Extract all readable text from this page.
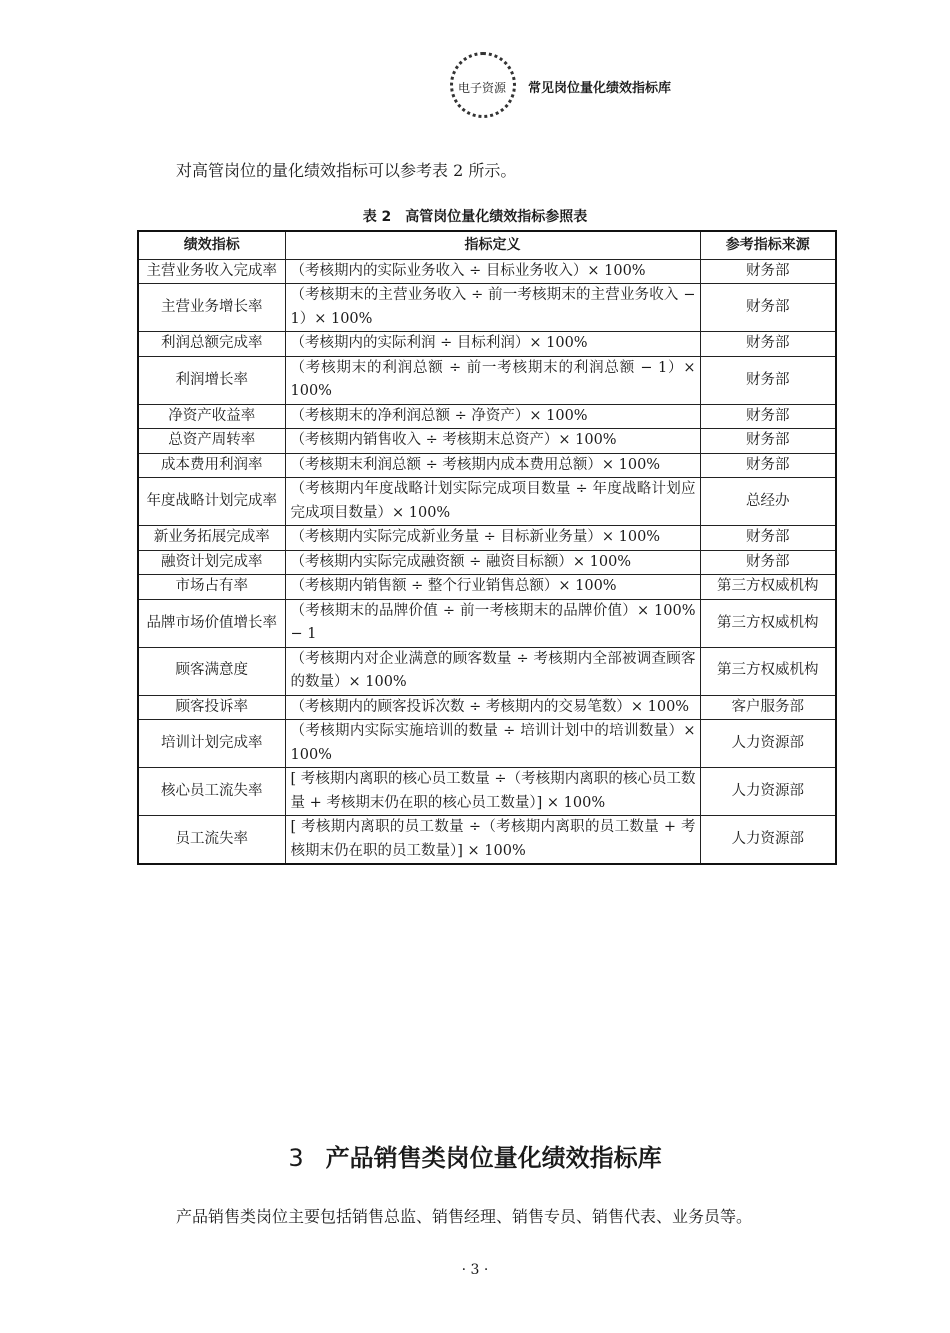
电子资源 常见岗位量化绩效指标库
对高管岗位的量化绩效指标可以参考表 2 所示。
表 2　高管岗位量化绩效指标参照表
绩效指标	指标定义	参考指标来源
主营业务收入完成率	（考核期内的实际业务收入 ÷ 目标业务收入）× 100%	财务部
主营业务增长率	（考核期末的主营业务收入 ÷ 前一考核期末的主营业务收入 − 1）× 100%	财务部
利润总额完成率	（考核期内的实际利润 ÷ 目标利润）× 100%	财务部
利润增长率	（考核期末的利润总额 ÷ 前一考核期末的利润总额 − 1）× 100%	财务部
净资产收益率	（考核期末的净利润总额 ÷ 净资产）× 100%	财务部
总资产周转率	（考核期内销售收入 ÷ 考核期末总资产）× 100%	财务部
成本费用利润率	（考核期末利润总额 ÷ 考核期内成本费用总额）× 100%	财务部
年度战略计划完成率	（考核期内年度战略计划实际完成项目数量 ÷ 年度战略计划应完成项目数量）× 100%	总经办
新业务拓展完成率	（考核期内实际完成新业务量 ÷ 目标新业务量）× 100%	财务部
融资计划完成率	（考核期内实际完成融资额 ÷ 融资目标额）× 100%	财务部
市场占有率	（考核期内销售额 ÷ 整个行业销售总额）× 100%	第三方权威机构
品牌市场价值增长率	（考核期末的品牌价值 ÷ 前一考核期末的品牌价值）× 100% − 1	第三方权威机构
顾客满意度	（考核期内对企业满意的顾客数量 ÷ 考核期内全部被调查顾客的数量）× 100%	第三方权威机构
顾客投诉率	（考核期内的顾客投诉次数 ÷ 考核期内的交易笔数）× 100%	客户服务部
培训计划完成率	（考核期内实际实施培训的数量 ÷ 培训计划中的培训数量）× 100%	人力资源部
核心员工流失率	[ 考核期内离职的核心员工数量 ÷（考核期内离职的核心员工数量 + 考核期末仍在职的核心员工数量）] × 100%	人力资源部
员工流失率	[ 考核期内离职的员工数量 ÷（考核期内离职的员工数量 + 考核期末仍在职的员工数量）] × 100%	人力资源部
3 产品销售类岗位量化绩效指标库
产品销售类岗位主要包括销售总监、销售经理、销售专员、销售代表、业务员等。
· 3 ·
